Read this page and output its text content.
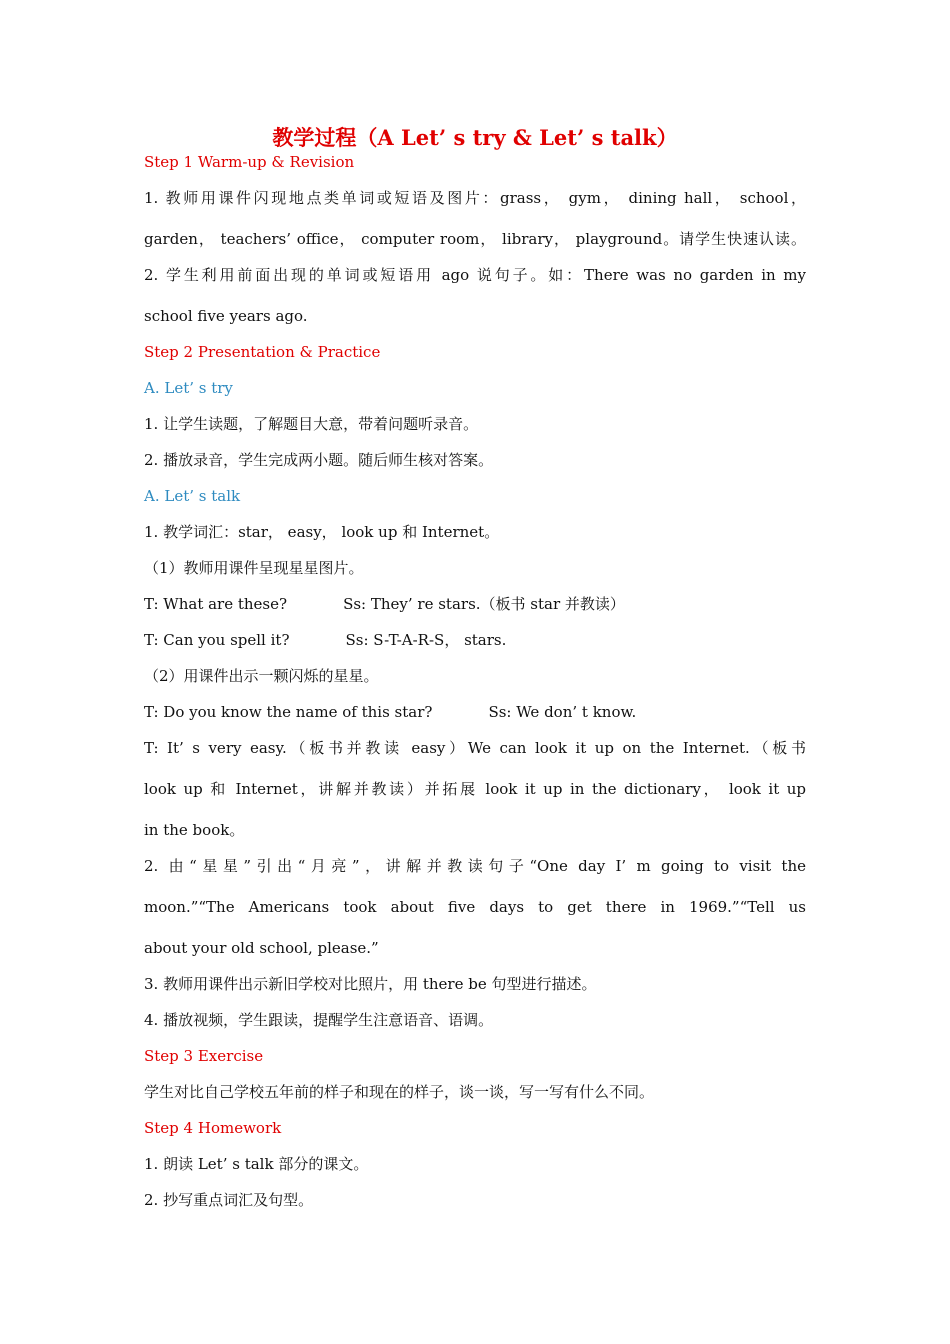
教学过程（A Let’ s try & Let’ s talk）
Step 1 Warm-up & Revision
1. 教师用课件闪现地点类单词或短语及图片：grass， gym， dining hall， school，
garden， teachers’ office， computer room， library， playground。请学生快速认读。
2. 学生利用前面出现的单词或短语用 ago 说句子。如：There was no garden in my
school five years ago.
Step 2 Presentation & Practice
A. Let’ s try
1. 让学生读题，了解题目大意，带着问题听录音。
2. 播放录音，学生完成两小题。随后师生核对答案。
A. Let’ s talk
1. 教学词汇：star， easy， look up 和 Internet。
（1）教师用课件呈现星星图片。
T: What are these?	Ss: They’ re stars.（板书 star 并教读）
T: Can you spell it?	Ss: S-T-A-R-S， stars.
（2）用课件出示一颗闪烁的星星。
T: Do you know the name of this star?	Ss: We don’ t know.
T: It’ s very easy.（板书并教读 easy）We can look it up on the Internet.（板书
look up 和 Internet，讲解并教读）并拓展 look it up in the dictionary， look it up
in the book。
2. 由“星星”引出“月亮”，讲解并教读句子“One day I’ m going to visit the
moon.”“The Americans took about five days to get there in 1969.”“Tell us
about your old school, please.”
3. 教师用课件出示新旧学校对比照片，用 there be 句型进行描述。
4. 播放视频，学生跟读，提醒学生注意语音、语调。
Step 3 Exercise
学生对比自己学校五年前的样子和现在的样子，谈一谈，写一写有什么不同。
Step 4 Homework
1. 朗读 Let’ s talk 部分的课文。
2. 抄写重点词汇及句型。
